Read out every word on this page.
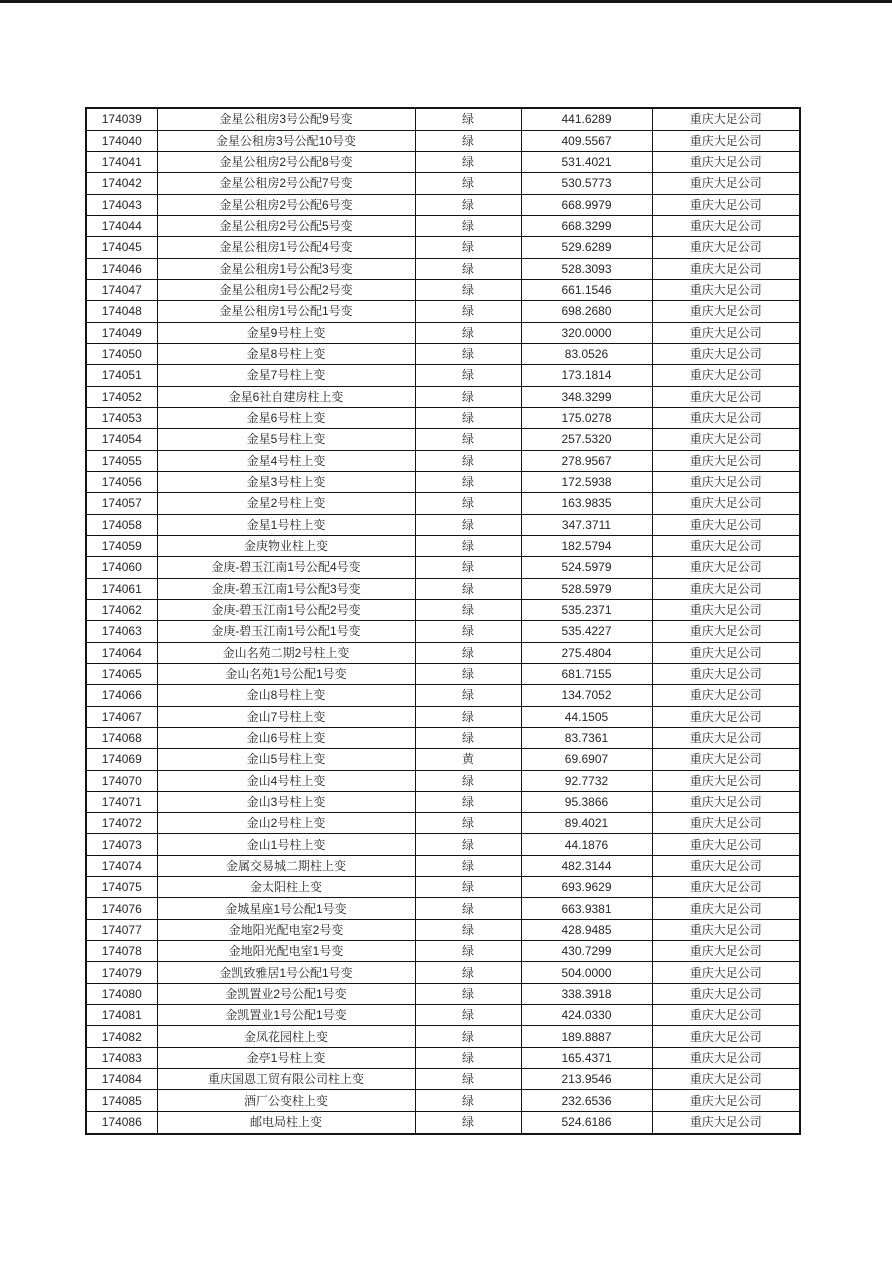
174039	金星公租房3号公配9号变	绿	441.6289	重庆大足公司
174040	金星公租房3号公配10号变	绿	409.5567	重庆大足公司
174041	金星公租房2号公配8号变	绿	531.4021	重庆大足公司
174042	金星公租房2号公配7号变	绿	530.5773	重庆大足公司
174043	金星公租房2号公配6号变	绿	668.9979	重庆大足公司
174044	金星公租房2号公配5号变	绿	668.3299	重庆大足公司
174045	金星公租房1号公配4号变	绿	529.6289	重庆大足公司
174046	金星公租房1号公配3号变	绿	528.3093	重庆大足公司
174047	金星公租房1号公配2号变	绿	661.1546	重庆大足公司
174048	金星公租房1号公配1号变	绿	698.2680	重庆大足公司
174049	金星9号柱上变	绿	320.0000	重庆大足公司
174050	金星8号柱上变	绿	83.0526	重庆大足公司
174051	金星7号柱上变	绿	173.1814	重庆大足公司
174052	金星6社自建房柱上变	绿	348.3299	重庆大足公司
174053	金星6号柱上变	绿	175.0278	重庆大足公司
174054	金星5号柱上变	绿	257.5320	重庆大足公司
174055	金星4号柱上变	绿	278.9567	重庆大足公司
174056	金星3号柱上变	绿	172.5938	重庆大足公司
174057	金星2号柱上变	绿	163.9835	重庆大足公司
174058	金星1号柱上变	绿	347.3711	重庆大足公司
174059	金庚物业柱上变	绿	182.5794	重庆大足公司
174060	金庚-碧玉江南1号公配4号变	绿	524.5979	重庆大足公司
174061	金庚-碧玉江南1号公配3号变	绿	528.5979	重庆大足公司
174062	金庚-碧玉江南1号公配2号变	绿	535.2371	重庆大足公司
174063	金庚-碧玉江南1号公配1号变	绿	535.4227	重庆大足公司
174064	金山名苑二期2号柱上变	绿	275.4804	重庆大足公司
174065	金山名苑1号公配1号变	绿	681.7155	重庆大足公司
174066	金山8号柱上变	绿	134.7052	重庆大足公司
174067	金山7号柱上变	绿	44.1505	重庆大足公司
174068	金山6号柱上变	绿	83.7361	重庆大足公司
174069	金山5号柱上变	黄	69.6907	重庆大足公司
174070	金山4号柱上变	绿	92.7732	重庆大足公司
174071	金山3号柱上变	绿	95.3866	重庆大足公司
174072	金山2号柱上变	绿	89.4021	重庆大足公司
174073	金山1号柱上变	绿	44.1876	重庆大足公司
174074	金属交易城二期柱上变	绿	482.3144	重庆大足公司
174075	金太阳柱上变	绿	693.9629	重庆大足公司
174076	金城星座1号公配1号变	绿	663.9381	重庆大足公司
174077	金地阳光配电室2号变	绿	428.9485	重庆大足公司
174078	金地阳光配电室1号变	绿	430.7299	重庆大足公司
174079	金凯致雅居1号公配1号变	绿	504.0000	重庆大足公司
174080	金凯置业2号公配1号变	绿	338.3918	重庆大足公司
174081	金凯置业1号公配1号变	绿	424.0330	重庆大足公司
174082	金凤花园柱上变	绿	189.8887	重庆大足公司
174083	金亭1号柱上变	绿	165.4371	重庆大足公司
174084	重庆国恩工贸有限公司柱上变	绿	213.9546	重庆大足公司
174085	酒厂公变柱上变	绿	232.6536	重庆大足公司
174086	邮电局柱上变	绿	524.6186	重庆大足公司
